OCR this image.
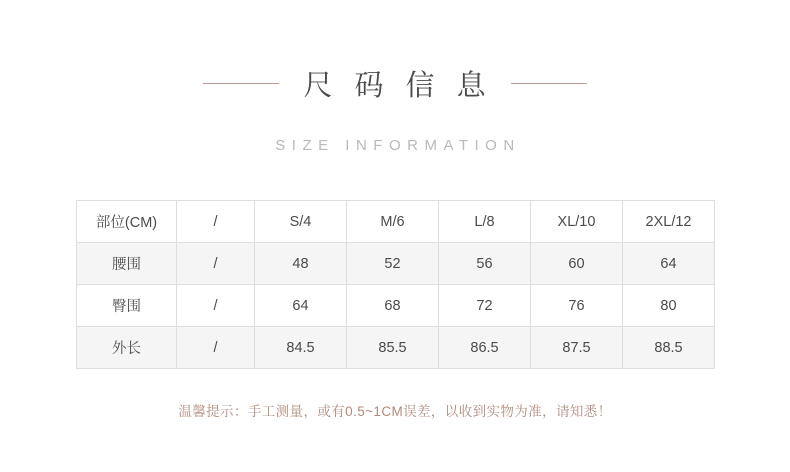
尺 码 信 息
SIZE INFORMATION
部位(CM)	/	S/4	M/6	L/8	XL/10	2XL/12
腰围	/	48	52	56	60	64
臀围	/	64	68	72	76	80
外长	/	84.5	85.5	86.5	87.5	88.5
温馨提示：手工测量，或有0.5~1CM误差，以收到实物为准，请知悉！
